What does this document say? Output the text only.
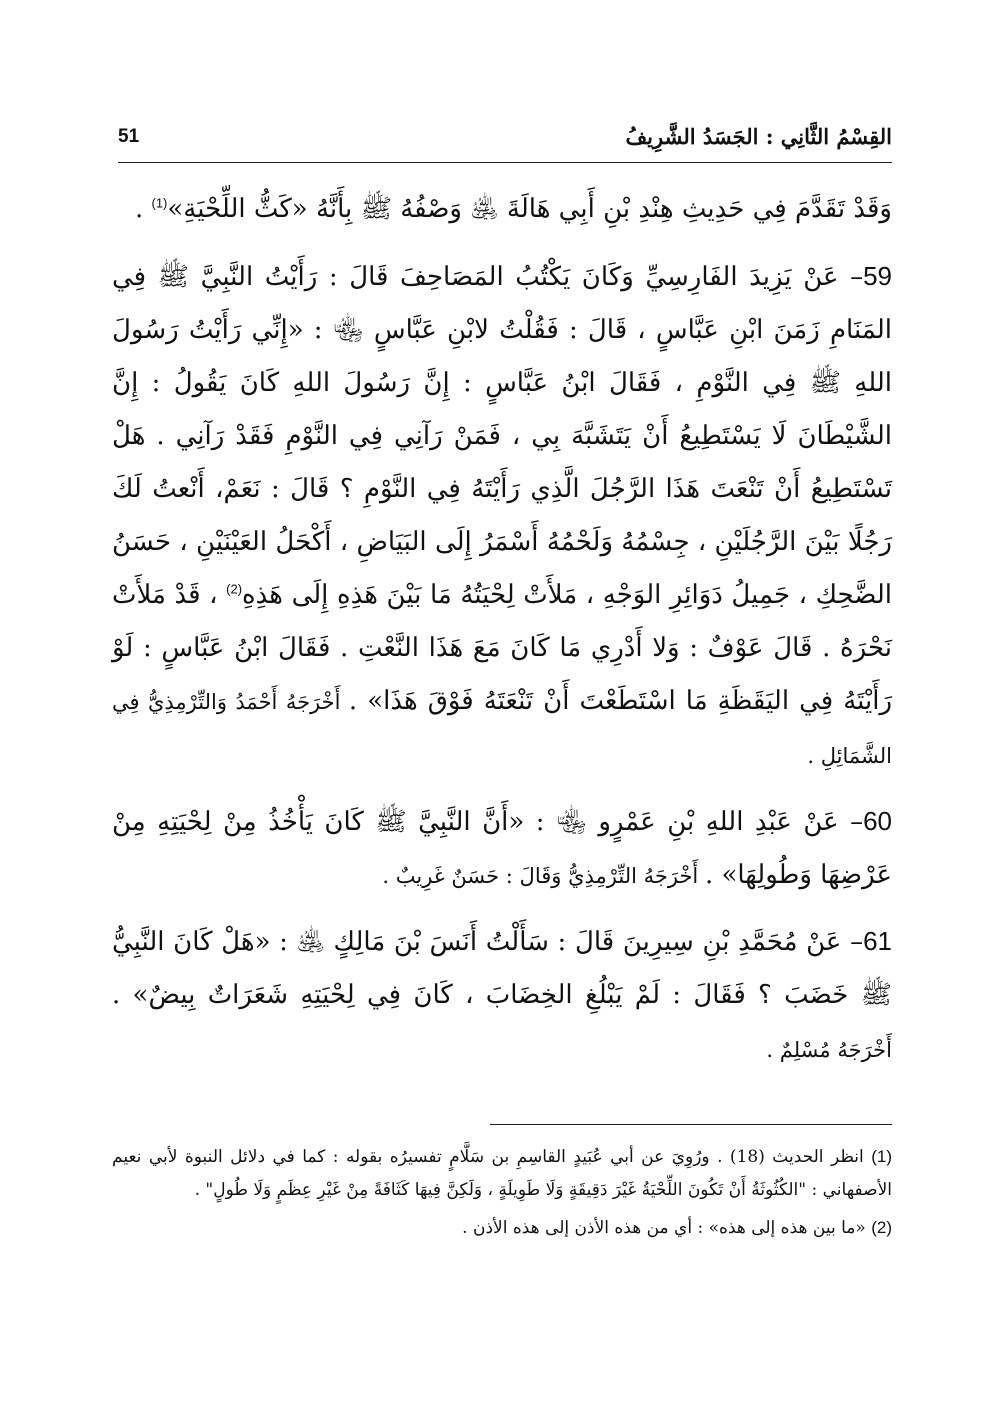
القِسْمُ الثَّانِي : الجَسَدُ الشَّرِيفُ
51

وَقَدْ تَقَدَّمَ فِي حَدِيثِ هِنْدِ بْنِ أَبِي هَالَةَ ﵁ وَصْفُهُ ﷺ بِأَنَّهُ «كَثُّ اللِّحْيَةِ»$^{(1)}$ .

59– عَنْ يَزِيدَ الفَارِسِيِّ وَكَانَ يَكْتُبُ المَصَاحِفَ قَالَ : رَأَيْتُ النَّبِيَّ ﷺ فِي المَنَامِ زَمَنَ ابْنِ عَبَّاسٍ ، قَالَ : فَقُلْتُ لابْنِ عَبَّاسٍ ﵄ : «إِنِّي رَأَيْتُ رَسُولَ اللهِ ﷺ فِي النَّوْمِ ، فَقَالَ ابْنُ عَبَّاسٍ : إِنَّ رَسُولَ اللهِ كَانَ يَقُولُ : إِنَّ الشَّيْطَانَ لَا يَسْتَطِيعُ أَنْ يَتَشَبَّهَ بِي ، فَمَنْ رَآنِي فِي النَّوْمِ فَقَدْ رَآنِي . هَلْ تَسْتَطِيعُ أَنْ تَنْعَتَ هَذَا الرَّجُلَ الَّذِي رَأَيْتَهُ فِي النَّوْمِ ؟ قَالَ : نَعَمْ، أَنْعتُ لَكَ رَجُلًا بَيْنَ الرَّجُلَيْنِ ، جِسْمُهُ وَلَحْمُهُ أَسْمَرُ إِلَى البَيَاضِ ، أَكْحَلُ العَيْنَيْنِ ، حَسَنُ الضَّحِكِ ، جَمِيلُ دَوَائِرِ الوَجْهِ ، مَلأَتْ لِحْيَتُهُ مَا بَيْنَ هَذِهِ إِلَى هَذِهِ$^{(2)}$ ، قَدْ مَلأَتْ نَحْرَهُ . قَالَ عَوْفٌ : وَلا أَدْرِي مَا كَانَ مَعَ هَذَا النَّعْتِ . فَقَالَ ابْنُ عَبَّاسٍ : لَوْ رَأَيْتَهُ فِي اليَقَظَةِ مَا اسْتَطَعْتَ أَنْ تَنْعَتَهُ فَوْقَ هَذَا» . أَخْرَجَهُ أَحْمَدُ وَالتِّرْمِذِيُّ فِي الشَّمَائِلِ .

60– عَنْ عَبْدِ اللهِ بْنِ عَمْرٍو ﵄ : «أَنَّ النَّبِيَّ ﷺ كَانَ يَأْخُذُ مِنْ لِحْيَتِهِ مِنْ عَرْضِهَا وَطُولِهَا» . أَخْرَجَهُ التِّرْمِذِيُّ وَقَالَ : حَسَنٌ غَرِيبٌ .

61– عَنْ مُحَمَّدِ بْنِ سِيرِينَ قَالَ : سَأَلْتُ أَنَسَ بْنَ مَالِكٍ ﵁ : «هَلْ كَانَ النَّبِيُّ ﷺ خَضَبَ ؟ فَقَالَ : لَمْ يَبْلُغِ الخِضَابَ ، كَانَ فِي لِحْيَتِهِ شَعَرَاتٌ بِيضٌ» . أَخْرَجَهُ مُسْلِمٌ .

(1) انظر الحديث (18) . ورُوِيَ عن أبي عُبَيدٍ القاسِمِ بن سَلَّامٍ تفسيرُه بقوله : كما في دلائل النبوة لأبي نعيم الأصفهاني : "الكُثُوثَةُ أَنْ تَكُونَ اللِّحْيَةُ غَيْرَ دَقِيقَةٍ وَلَا طَوِيلَةٍ ، وَلَكِنَّ فِيهَا كَثَافَةً مِنْ غَيْرِ عِظَمٍ وَلَا طُولٍ" .

(2) «ما بين هذه إلى هذه» : أي من هذه الأذن إلى هذه الأذن .
